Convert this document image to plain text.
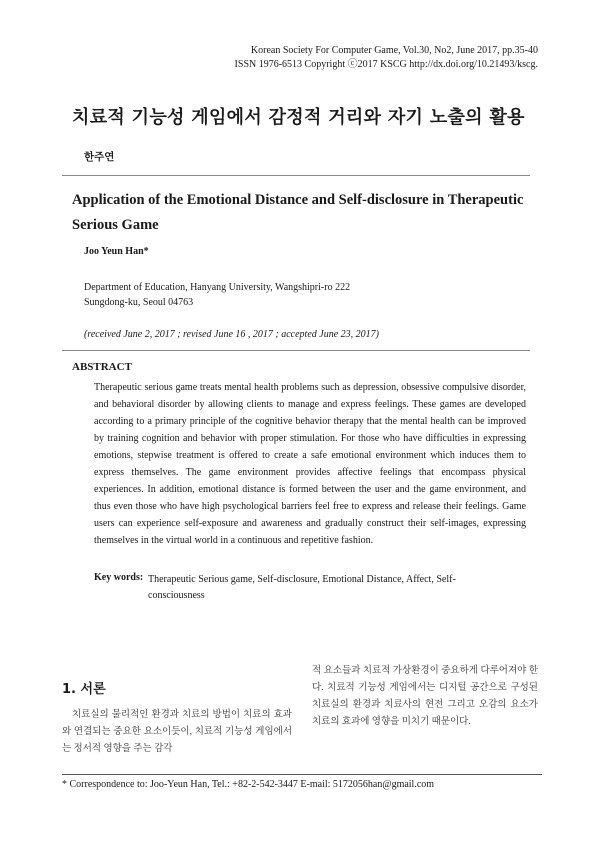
Korean Society For Computer Game, Vol.30, No2, June 2017, pp.35-40
ISSN 1976-6513 Copyright ⓒ2017 KSCG http://dx.doi.org/10.21493/kscg.
치료적 기능성 게임에서 감정적 거리와 자기 노출의 활용
한주연
Application of the Emotional Distance and Self-disclosure in Therapeutic Serious Game
Joo Yeun Han*
Department of Education, Hanyang University, Wangshipri-ro 222
Sungdong-ku, Seoul 04763
(received June 2, 2017 ; revised June 16 , 2017 ; accepted June 23, 2017)
ABSTRACT
Therapeutic serious game treats mental health problems such as depression, obsessive compulsive disorder, and behavioral disorder by allowing clients to manage and express feelings. These games are developed according to a primary principle of the cognitive behavior therapy that the mental health can be improved by training cognition and behavior with proper stimulation. For those who have difficulties in expressing emotions, stepwise treatment is offered to create a safe emotional environment which induces them to express themselves. The game environment provides affective feelings that encompass physical experiences. In addition, emotional distance is formed between the user and the game environment, and thus even those who have high psychological barriers feel free to express and release their feelings. Game users can experience self-exposure and awareness and gradually construct their self-images, expressing themselves in the virtual world in a continuous and repetitive fashion.
Key words: Therapeutic Serious game, Self-disclosure, Emotional Distance, Affect, Self-consciousness
1. 서론
치료실의 물리적인 환경과 치료의 방법이 치료의 효과와 연결되는 중요한 요소이듯이, 치료적 기능성 게임에서는 정서적 영향을 주는 감각
적 요소들과 치료적 가상환경이 중요하게 다루어져야 한다. 치료적 기능성 게임에서는 디지털 공간으로 구성된 치료실의 환경과 치료사의 현전 그리고 오감의 요소가 치료의 효과에 영향을 미치기 때문이다.
* Correspondence to: Joo-Yeun Han, Tel.: +82-2-542-3447 E-mail: 5172056han@gmail.com
